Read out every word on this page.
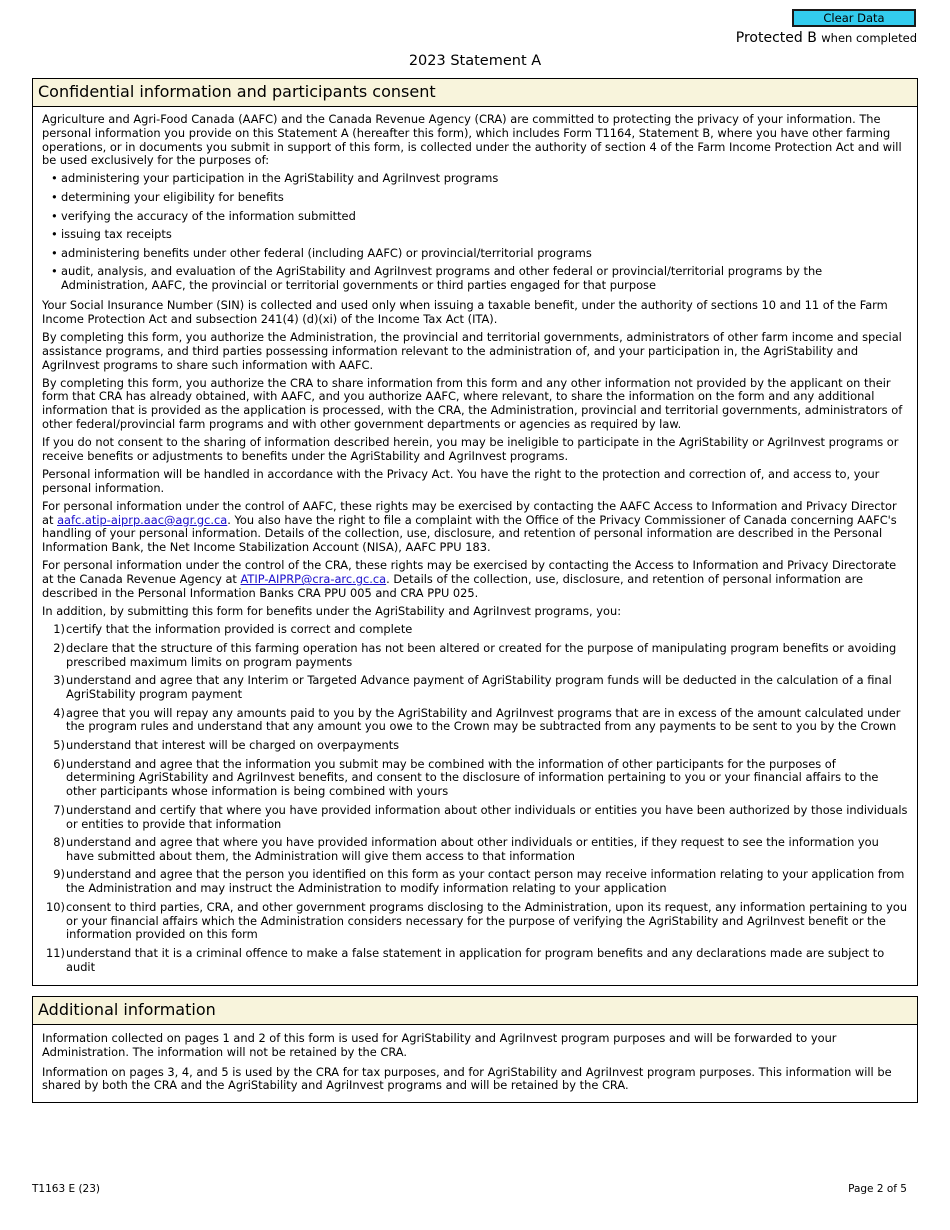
Clear Data
Protected B when completed
2023 Statement A
Confidential information and participants consent

Agriculture and Agri-Food Canada (AAFC) and the Canada Revenue Agency (CRA) are committed to protecting the privacy of your information. The personal information you provide on this Statement A (hereafter this form), which includes Form T1164, Statement B, where you have other farming operations, or in documents you submit in support of this form, is collected under the authority of section 4 of the Farm Income Protection Act and will be used exclusively for the purposes of:

• administering your participation in the AgriStability and AgriInvest programs
• determining your eligibility for benefits
• verifying the accuracy of the information submitted
• issuing tax receipts
• administering benefits under other federal (including AAFC) or provincial/territorial programs
• audit, analysis, and evaluation of the AgriStability and AgriInvest programs and other federal or provincial/territorial programs by the Administration, AAFC, the provincial or territorial governments or third parties engaged for that purpose

Your Social Insurance Number (SIN) is collected and used only when issuing a taxable benefit, under the authority of sections 10 and 11 of the Farm Income Protection Act and subsection 241(4) (d)(xi) of the Income Tax Act (ITA).

By completing this form, you authorize the Administration, the provincial and territorial governments, administrators of other farm income and special assistance programs, and third parties possessing information relevant to the administration of, and your participation in, the AgriStability and AgriInvest programs to share such information with AAFC.

By completing this form, you authorize the CRA to share information from this form and any other information not provided by the applicant on their form that CRA has already obtained, with AAFC, and you authorize AAFC, where relevant, to share the information on the form and any additional information that is provided as the application is processed, with the CRA, the Administration, provincial and territorial governments, administrators of other federal/provincial farm programs and with other government departments or agencies as required by law.

If you do not consent to the sharing of information described herein, you may be ineligible to participate in the AgriStability or AgriInvest programs or receive benefits or adjustments to benefits under the AgriStability and AgriInvest programs.

Personal information will be handled in accordance with the Privacy Act. You have the right to the protection and correction of, and access to, your personal information.

For personal information under the control of AAFC, these rights may be exercised by contacting the AAFC Access to Information and Privacy Director at aafc.atip-aiprp.aac@agr.gc.ca. You also have the right to file a complaint with the Office of the Privacy Commissioner of Canada concerning AAFC's handling of your personal information. Details of the collection, use, disclosure, and retention of personal information are described in the Personal Information Bank, the Net Income Stabilization Account (NISA), AAFC PPU 183.

For personal information under the control of the CRA, these rights may be exercised by contacting the Access to Information and Privacy Directorate at the Canada Revenue Agency at ATIP-AIPRP@cra-arc.gc.ca. Details of the collection, use, disclosure, and retention of personal information are described in the Personal Information Banks CRA PPU 005 and CRA PPU 025.

In addition, by submitting this form for benefits under the AgriStability and AgriInvest programs, you:

1) certify that the information provided is correct and complete
2) declare that the structure of this farming operation has not been altered or created for the purpose of manipulating program benefits or avoiding prescribed maximum limits on program payments
3) understand and agree that any Interim or Targeted Advance payment of AgriStability program funds will be deducted in the calculation of a final AgriStability program payment
4) agree that you will repay any amounts paid to you by the AgriStability and AgriInvest programs that are in excess of the amount calculated under the program rules and understand that any amount you owe to the Crown may be subtracted from any payments to be sent to you by the Crown
5) understand that interest will be charged on overpayments
6) understand and agree that the information you submit may be combined with the information of other participants for the purposes of determining AgriStability and AgriInvest benefits, and consent to the disclosure of information pertaining to you or your financial affairs to the other participants whose information is being combined with yours
7) understand and certify that where you have provided information about other individuals or entities you have been authorized by those individuals or entities to provide that information
8) understand and agree that where you have provided information about other individuals or entities, if they request to see the information you have submitted about them, the Administration will give them access to that information
9) understand and agree that the person you identified on this form as your contact person may receive information relating to your application from the Administration and may instruct the Administration to modify information relating to your application
10) consent to third parties, CRA, and other government programs disclosing to the Administration, upon its request, any information pertaining to you or your financial affairs which the Administration considers necessary for the purpose of verifying the AgriStability and AgriInvest benefit or the information provided on this form
11) understand that it is a criminal offence to make a false statement in application for program benefits and any declarations made are subject to audit
Additional information

Information collected on pages 1 and 2 of this form is used for AgriStability and AgriInvest program purposes and will be forwarded to your Administration. The information will not be retained by the CRA.

Information on pages 3, 4, and 5 is used by the CRA for tax purposes, and for AgriStability and AgriInvest program purposes. This information will be shared by both the CRA and the AgriStability and AgriInvest programs and will be retained by the CRA.

T1163 E (23)	Page 2 of 5
